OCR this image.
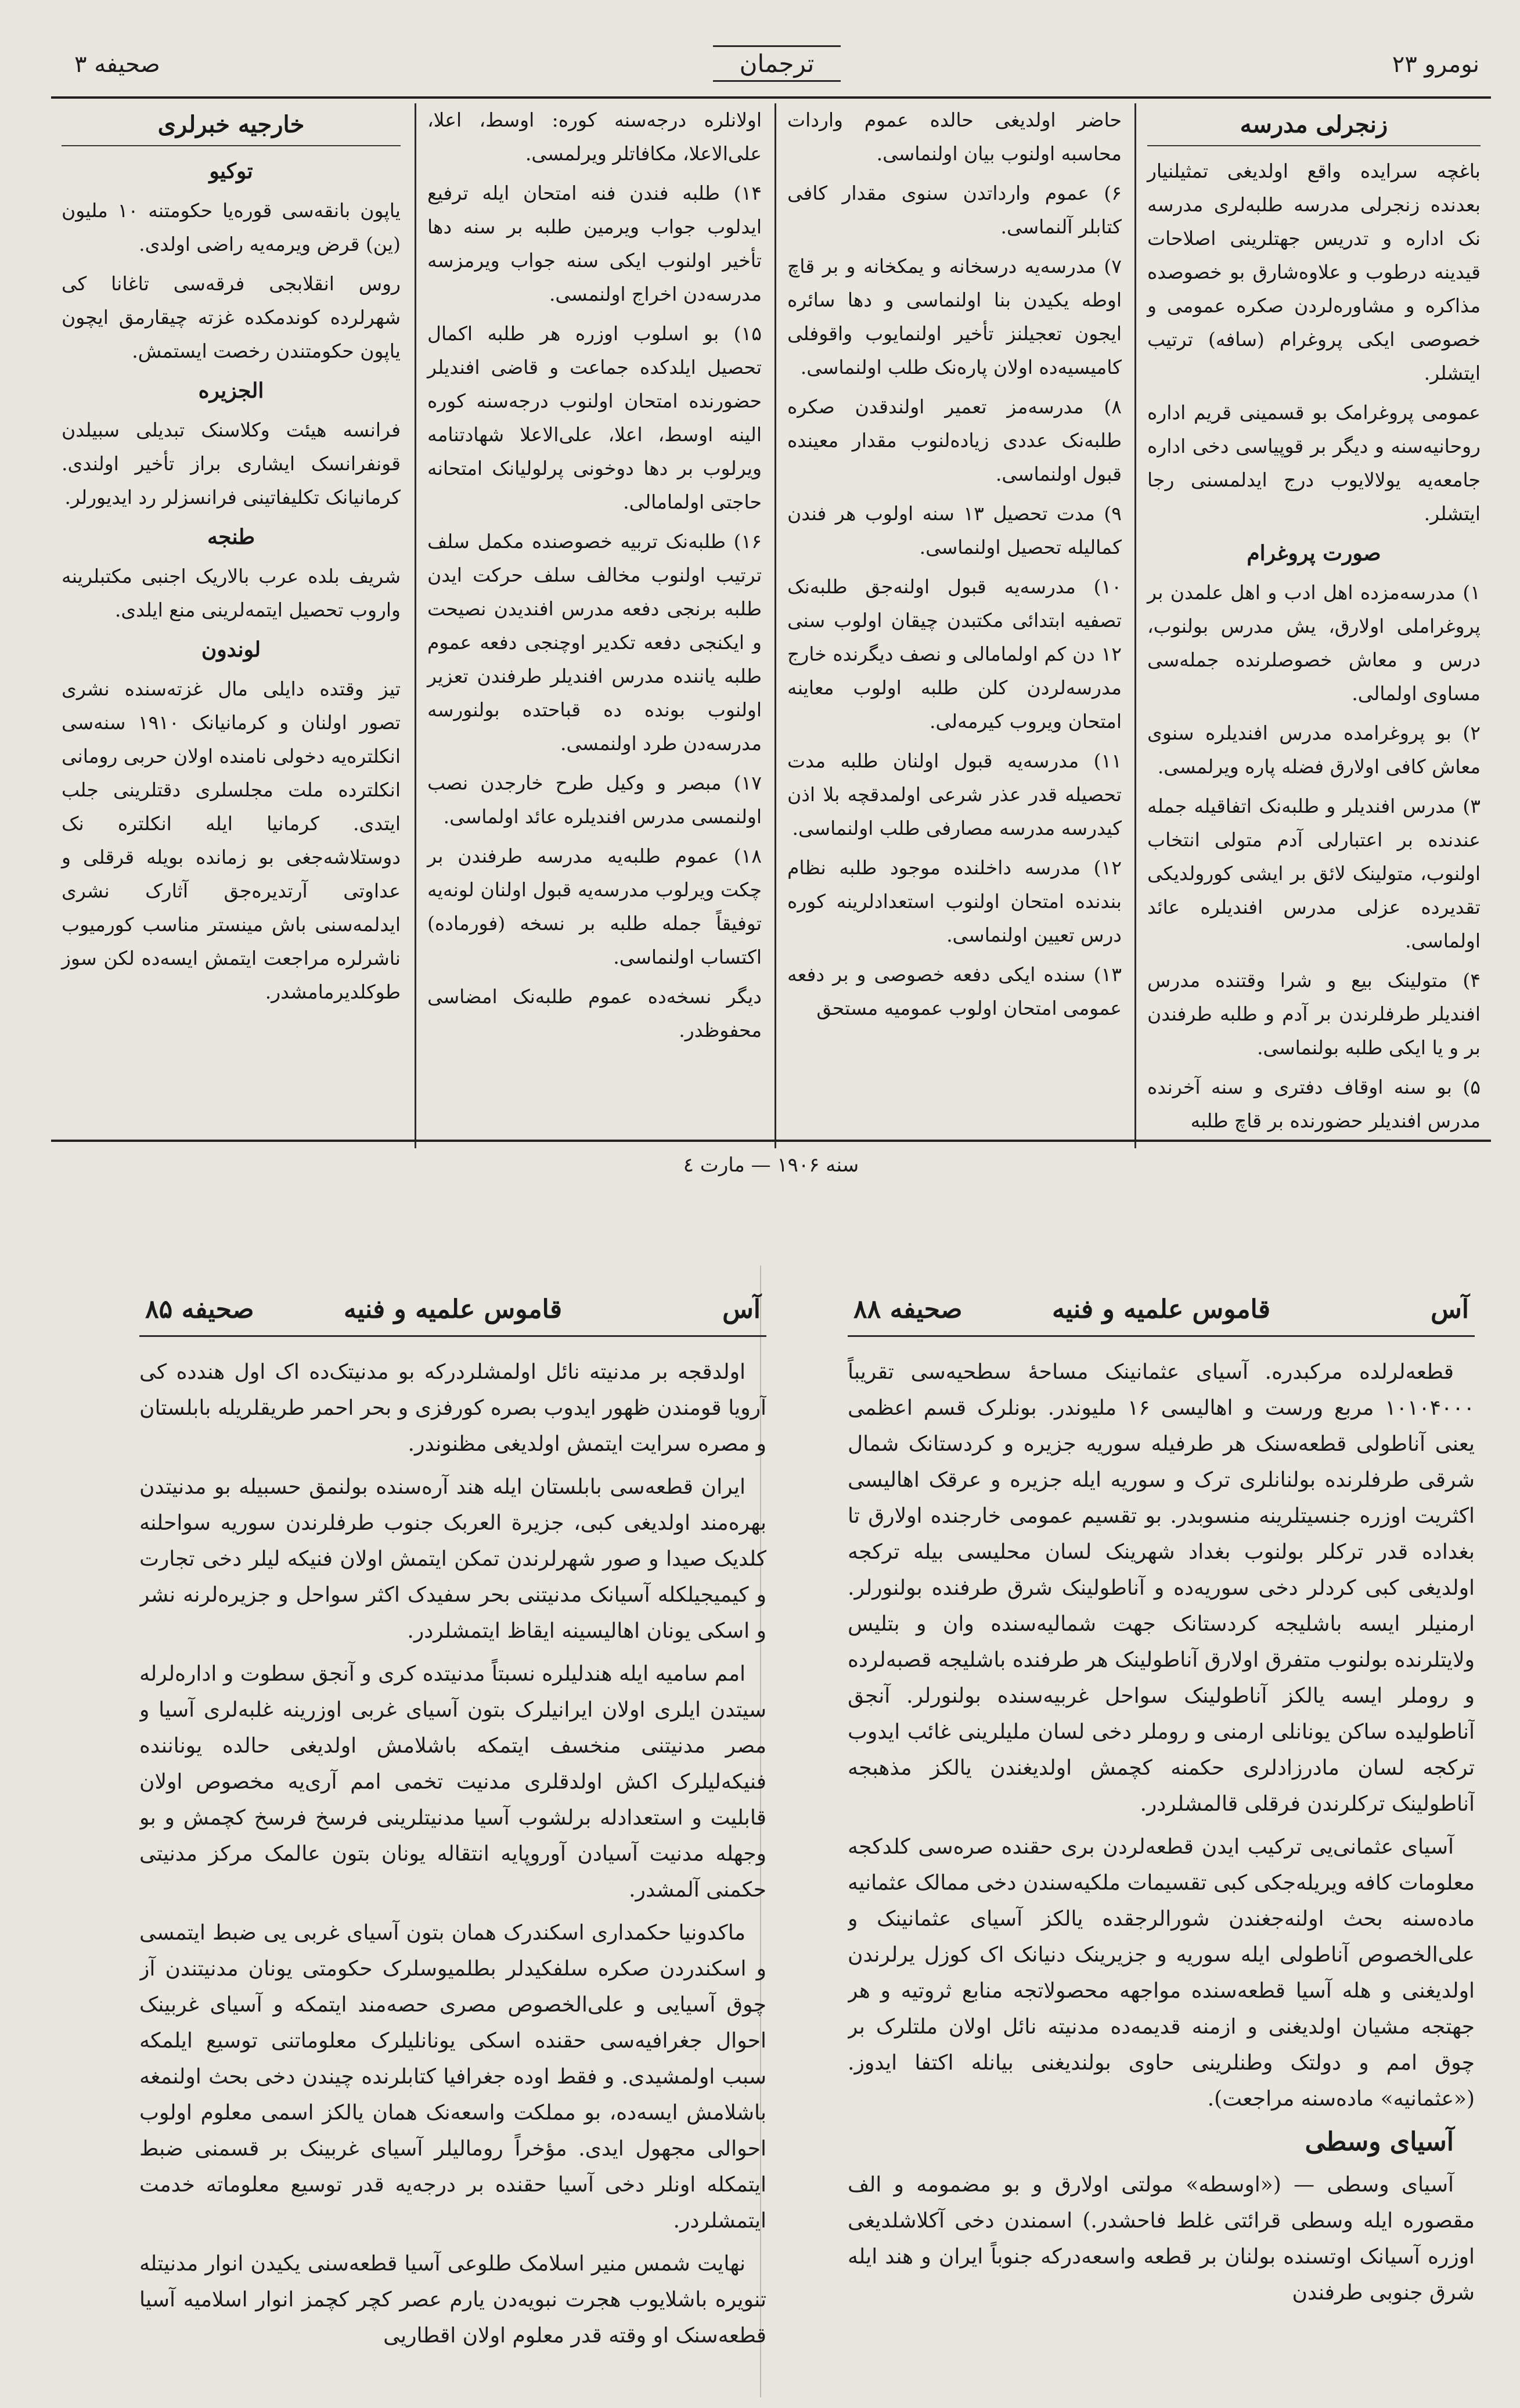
صحیفه ۳	ترجمان	نومرو ۲۳
زنجرلی مدرسه

باغچه سرایده واقع اولدیغی تمثیلنیار بعدنده زنجرلی مدرسه طلبه‌لری مدرسه نک اداره و تدریس جهتلرینی اصلاحات قیدینه درطوب و علاوه‌شارق بو خصوصده مذاکره و مشاوره‌لردن صکره عمومی و خصوصی ایکی پروغرام (سافه) ترتیب ایتشلر.

عمومی پروغرامک بو قسمینی قریم اداره روحانیه‌سنه و دیگر بر قوپیاسی دخی اداره جامعه‌یه یولالایوب درج ایدلمسنی رجا ایتشلر.

صورت پروغرام

۱) مدرسه‌مزده اهل ادب و اهل علمدن بر پروغراملی اولارق، یش مدرس بولنوب، درس و معاش خصوصلرنده جمله‌سی مساوی اولمالی.

۲) بو پروغرامده مدرس افندیلره سنوی معاش کافی اولارق فضله پاره ویرلمسی.

۳) مدرس افندیلر و طلبه‌نک اتفاقیله جمله عندنده بر اعتبارلی آدم متولی انتخاب اولنوب، متولینک لائق بر ایشی کورولدیکی تقدیرده عزلی مدرس افندیلره عائد اولماسی.

۴) متولینک بیع و شرا وقتنده مدرس افندیلر طرفلرندن بر آدم و طلبه طرفندن بر و یا ایکی طلبه بولنماسی.

۵) بو سنه اوقاف دفتری و سنه آخرنده مدرس افندیلر حضورنده بر قاچ طلبه

حاضر اولدیغی حالده عموم واردات محاسبه اولنوب بیان اولنماسی.

۶) عموم وارداتدن سنوی مقدار کافی کتابلر آلنماسی.

۷) مدرسه‌یه درسخانه و یمکخانه و بر قاچ اوطه یکیدن بنا اولنماسی و دها سائره ایجون تعجیلنز تأخیر اولنمایوب واقوفلی کامیسیه‌ده اولان پاره‌نک طلب اولنماسی.

۸) مدرسه‌مز تعمیر اولندقدن صکره طلبه‌نک عددی زیاده‌لنوب مقدار معینده قبول اولنماسی.

۹) مدت تحصیل ۱۳ سنه اولوب هر فندن کمالیله تحصیل اولنماسی.

۱۰) مدرسه‌یه قبول اولنه‌جق طلبه‌نک تصفیه ابتدائی مکتبدن چیقان اولوب سنی ۱۲ دن کم اولمامالی و نصف دیگرنده خارج مدرسه‌لردن کلن طلبه اولوب معاینه امتحان ویروب کیرمه‌لی.

۱۱) مدرسه‌یه قبول اولنان طلبه مدت تحصیله قدر عذر شرعی اولمدقچه بلا اذن کیدرسه مدرسه مصارفی طلب اولنماسی.

۱۲) مدرسه داخلنده موجود طلبه نظام بندنده امتحان اولنوب استعدادلرینه کوره درس تعیین اولنماسی.

۱۳) سنده ایکی دفعه خصوصی و بر دفعه عمومی امتحان اولوب عمومیه مستحق

اولانلره درجه‌سنه کوره: اوسط، اعلا، علی‌الاعلا، مکافاتلر ویرلمسی.

۱۴) طلبه فندن فنه امتحان ایله ترفیع ایدلوب جواب ویرمین طلبه بر سنه دها تأخیر اولنوب ایکی سنه جواب ویرمزسه مدرسه‌دن اخراج اولنمسی.

۱۵) بو اسلوب اوزره هر طلبه اکمال تحصیل ایلدکده جماعت و قاضی افندیلر حضورنده امتحان اولنوب درجه‌سنه کوره الینه اوسط، اعلا، علی‌الاعلا شهادتنامه ویرلوب بر دها دوخونی پرلولیانک امتحانه حاجتی اولمامالی.

۱۶) طلبه‌نک تربیه خصوصنده مکمل سلف ترتیب اولنوب مخالف سلف حرکت ایدن طلبه برنجی دفعه مدرس افندیدن نصیحت و ایکنجی دفعه تکدیر اوچنجی دفعه عموم طلبه یاننده مدرس افندیلر طرفندن تعزیر اولنوب بونده ده قباحتده بولنورسه مدرسه‌دن طرد اولنمسی.

۱۷) مبصر و وکیل طرح خارجدن نصب اولنمسی مدرس افندیلره عائد اولماسی.

۱۸) عموم طلبه‌یه مدرسه طرفندن بر چکت ویرلوب مدرسه‌یه قبول اولنان لونه‌یه توفیقاً جمله طلبه بر نسخه (فورماده) اکتساب اولنماسی.

دیگر نسخه‌ده عموم طلبه‌نک امضاسی محفوظدر.

خارجیه خبرلری
توکیو

یاپون بانقه‌سی قوره‌یا حکومتنه ۱۰ ملیون (ین) قرض ویرمه‌یه راضی اولدی.

روس انقلابجی فرقه‌سی تاغانا کی شهرلرده کوندمکده غزته چیقارمق ایچون یاپون حکومتندن رخصت ایستمش.

الجزیره

فرانسه هیئت وکلاسنک تبدیلی سبیلدن قونفرانسک ایشاری براز تأخیر اولندی. کرمانیانک تکلیفاتینی فرانسزلر رد ایدیورلر.

طنجه

شریف بلده عرب بالاریک اجنبی مکتبلرینه واروب تحصیل ایتمه‌لرینی منع ایلدی.

لوندون

تیز وقتده دایلی مال غزته‌سنده نشری تصور اولنان و کرمانیانک ۱۹۱۰ سنه‌سی انکلتره‌یه دخولی نامنده اولان حربی رومانی انکلترده ملت مجلسلری دقتلرینی جلب ایتدی. کرمانیا ایله انکلتره نک دوستلاشه‌جغی بو زمانده بویله قرقلی و عداوتی آرتدیره‌جق آثارک نشری ایدلمه‌سنی باش مینستر مناسب کورمیوب ناشرلره مراجعت ایتمش ایسه‌ده لکن سوز طوکلدیرمامشدر.

سنه ۱۹۰۶ — مارت ٤
آس
قاموس علمیه و فنیه
صحیفه ۸۵

اولدقجه بر مدنیته نائل اولمشلردرکه بو مدنیتک‌ده اک اول هندده کی آرویا قومندن ظهور ایدوب بصره کورفزی و بحر احمر طریقلریله بابلستان و مصره سرایت ایتمش اولدیغی مظنوندر.

ایران قطعه‌سی بابلستان ایله هند آره‌سنده بولنمق حسبیله بو مدنیتدن بهره‌مند اولدیغی کبی، جزیرة العربک جنوب طرفلرندن سوریه سواحلنه کلدیک صیدا و صور شهرلرندن تمکن ایتمش اولان فنیکه لیلر دخی تجارت و کیمیجیلکله آسیانک مدنیتنی بحر سفیدک اکثر سواحل و جزیره‌لرنه نشر و اسکی یونان اهالیسینه ایقاظ ایتمشلردر.

امم سامیه ایله هندلیلره نسبتاً مدنیتده کری و آنجق سطوت و اداره‌لرله سیتدن ایلری اولان ایرانیلرک بتون آسیای غربی اوزرینه غلبه‌لری آسیا و مصر مدنیتنی منخسف ایتمکه باشلامش اولدیغی حالده یوناننده فنیکه‌لیلرک اکش اولدقلری مدنیت تخمی امم آری‌یه مخصوص اولان قابلیت و استعدادله برلشوب آسیا مدنیتلرینی فرسخ فرسخ کچمش و بو وجهله مدنیت آسیادن آوروپایه انتقاله یونان بتون عالمک مرکز مدنیتی حکمنی آلمشدر.

ماکدونیا حکمداری اسکندرک همان بتون آسیای غربی یی ضبط ایتمسی و اسکندردن صکره سلفکیدلر بطلمیوسلرک حکومتی یونان مدنیتندن آز چوق آسیایی و علی‌الخصوص مصری حصه‌مند ایتمکه و آسیای غربینک احوال جغرافیه‌سی حقنده اسکی یونانلیلرک معلوماتنی توسیع ایلمکه سبب اولمشیدی. و فقط اوده جغرافیا کتابلرنده چیندن دخی بحث اولنمغه باشلامش ایسه‌ده، بو مملکت واسعه‌نک همان یالکز اسمی معلوم اولوب احوالی مجهول ایدی. مؤخراً رومالیلر آسیای غربینک بر قسمنی ضبط ایتمکله اونلر دخی آسیا حقنده بر درجه‌یه قدر توسیع معلوماته خدمت ایتمشلردر.

نهایت شمس منیر اسلامک طلوعی آسیا قطعه‌سنی یکیدن انوار مدنیتله تنویره باشلایوب هجرت نبویه‌دن یارم عصر کچر کچمز انوار اسلامیه آسیا قطعه‌سنک او وقته قدر معلوم اولان اقطاریی

آس
قاموس علمیه و فنیه
صحیفه ۸۸

قطعه‌لرلده مرکبدره. آسیای عثمانینک مساحهٔ سطحیه‌سی تقریباً ۱۰۱۰۴۰۰۰ مربع ورست و اهالیسی ۱۶ ملیوندر. بونلرک قسم اعظمی یعنی آناطولی قطعه‌سنک هر طرفیله سوریه جزیره و کردستانک شمال شرقی طرفلرنده بولنانلری ترک و سوریه ایله جزیره و عرقک اهالیسی اکثریت اوزره جنسیتلرینه منسوبدر. بو تقسیم عمومی خارجنده اولارق تا بغداده قدر ترکلر بولنوب بغداد شهرینک لسان محلیسی بیله ترکجه اولدیغی کبی کردلر دخی سوریه‌ده و آناطولینک شرق طرفنده بولنورلر. ارمنیلر ایسه باشلیجه کردستانک جهت شمالیه‌سنده وان و بتلیس ولایتلرنده بولنوب متفرق اولارق آناطولینک هر طرفنده باشلیجه قصبه‌لرده و روملر ایسه یالکز آناطولینک سواحل غربیه‌سنده بولنورلر. آنجق آناطولیده ساکن یونانلی ارمنی و روملر دخی لسان ملیلرینی غائب ایدوب ترکجه لسان مادرزادلری حکمنه کچمش اولدیغندن یالکز مذهبجه آناطولینک ترکلرندن فرقلی قالمشلردر.

آسیای عثمانی‌یی ترکیب ایدن قطعه‌لردن بری حقنده صره‌سی کلدکجه معلومات کافه ویریله‌جکی کبی تقسیمات ملکیه‌سندن دخی ممالک عثمانیه ماده‌سنه بحث اولنه‌جغندن شورالرجقده یالکز آسیای عثمانینک و علی‌الخصوص آناطولی ایله سوریه و جزیرینک دنیانک اک کوزل یرلرندن اولدیغنی و هله آسیا قطعه‌سنده مواجهه محصولاتجه منابع ثروتیه و هر جهتجه مشیان اولدیغنی و ازمنه قدیمه‌ده مدنیته نائل اولان ملتلرک بر چوق امم و دولتک وطنلرینی حاوی بولندیغنی بیانله اکتفا ایدوز. («عثمانیه» ماده‌سنه مراجعت).

آسیای وسطی

آسیای وسطی — («اوسطه» مولتی اولارق و بو مضمومه و الف مقصوره ایله وسطی قرائتی غلط فاحشدر.) اسمندن دخی آکلاشلدیغی اوزره آسیانک اوتسنده بولنان بر قطعه واسعه‌درکه جنوباً ایران و هند ایله شرق جنوبی طرفندن
